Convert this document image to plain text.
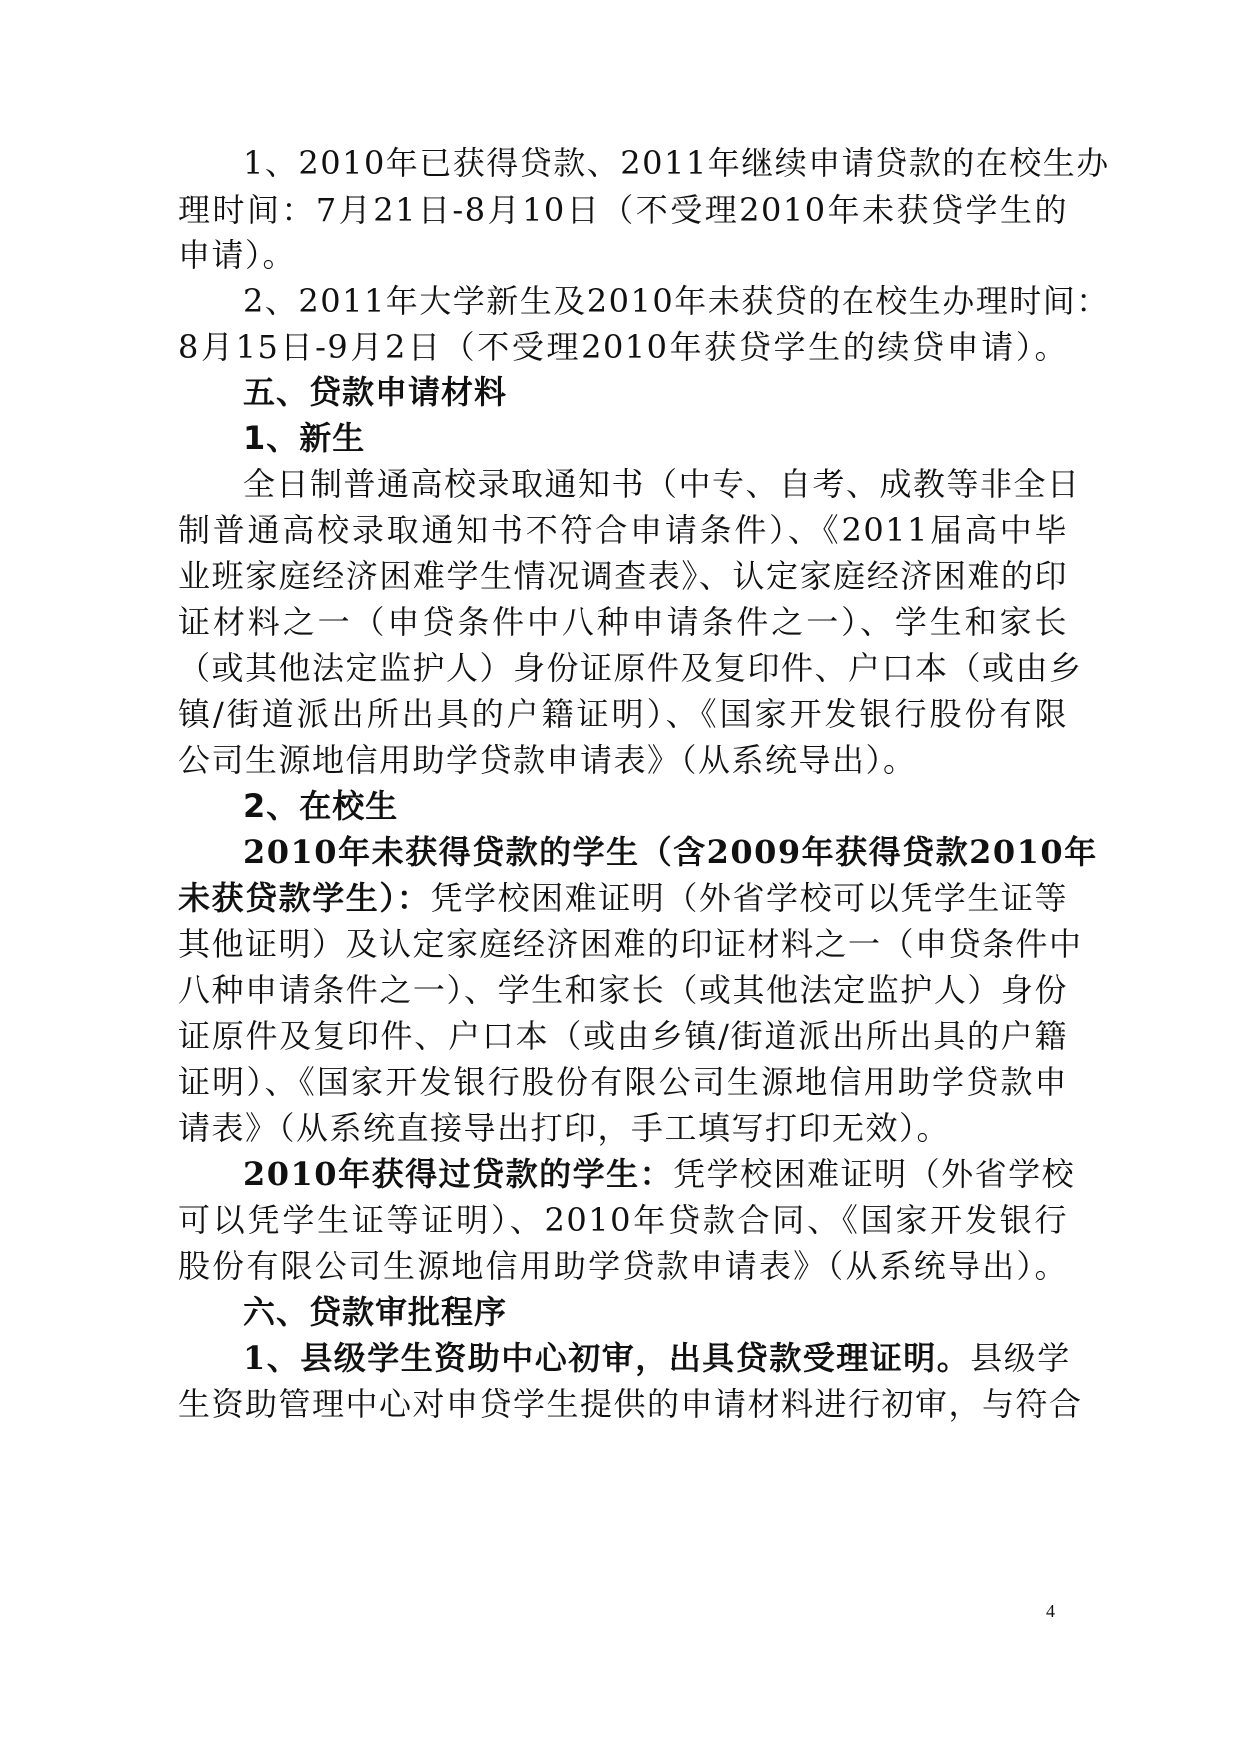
1、2010年已获得贷款、2011年继续申请贷款的在校生办
理时间：7月21日-8月10日（不受理2010年未获贷学生的
申请）。
2、2011年大学新生及2010年未获贷的在校生办理时间：
8月15日-9月2日（不受理2010年获贷学生的续贷申请）。
五、贷款申请材料
1、新生
全日制普通高校录取通知书（中专、自考、成教等非全日
制普通高校录取通知书不符合申请条件）、《2011届高中毕
业班家庭经济困难学生情况调查表》、认定家庭经济困难的印
证材料之一（申贷条件中八种申请条件之一）、学生和家长
（或其他法定监护人）身份证原件及复印件、户口本（或由乡
镇/街道派出所出具的户籍证明）、《国家开发银行股份有限
公司生源地信用助学贷款申请表》（从系统导出）。
2、在校生
2010年未获得贷款的学生（含2009年获得贷款2010年
未获贷款学生）：凭学校困难证明（外省学校可以凭学生证等
其他证明）及认定家庭经济困难的印证材料之一（申贷条件中
八种申请条件之一）、学生和家长（或其他法定监护人）身份
证原件及复印件、户口本（或由乡镇/街道派出所出具的户籍
证明）、《国家开发银行股份有限公司生源地信用助学贷款申
请表》（从系统直接导出打印，手工填写打印无效）。
2010年获得过贷款的学生：凭学校困难证明（外省学校
可以凭学生证等证明）、2010年贷款合同、《国家开发银行
股份有限公司生源地信用助学贷款申请表》（从系统导出）。
六、贷款审批程序
1、县级学生资助中心初审，出具贷款受理证明。县级学
生资助管理中心对申贷学生提供的申请材料进行初审，与符合
4
